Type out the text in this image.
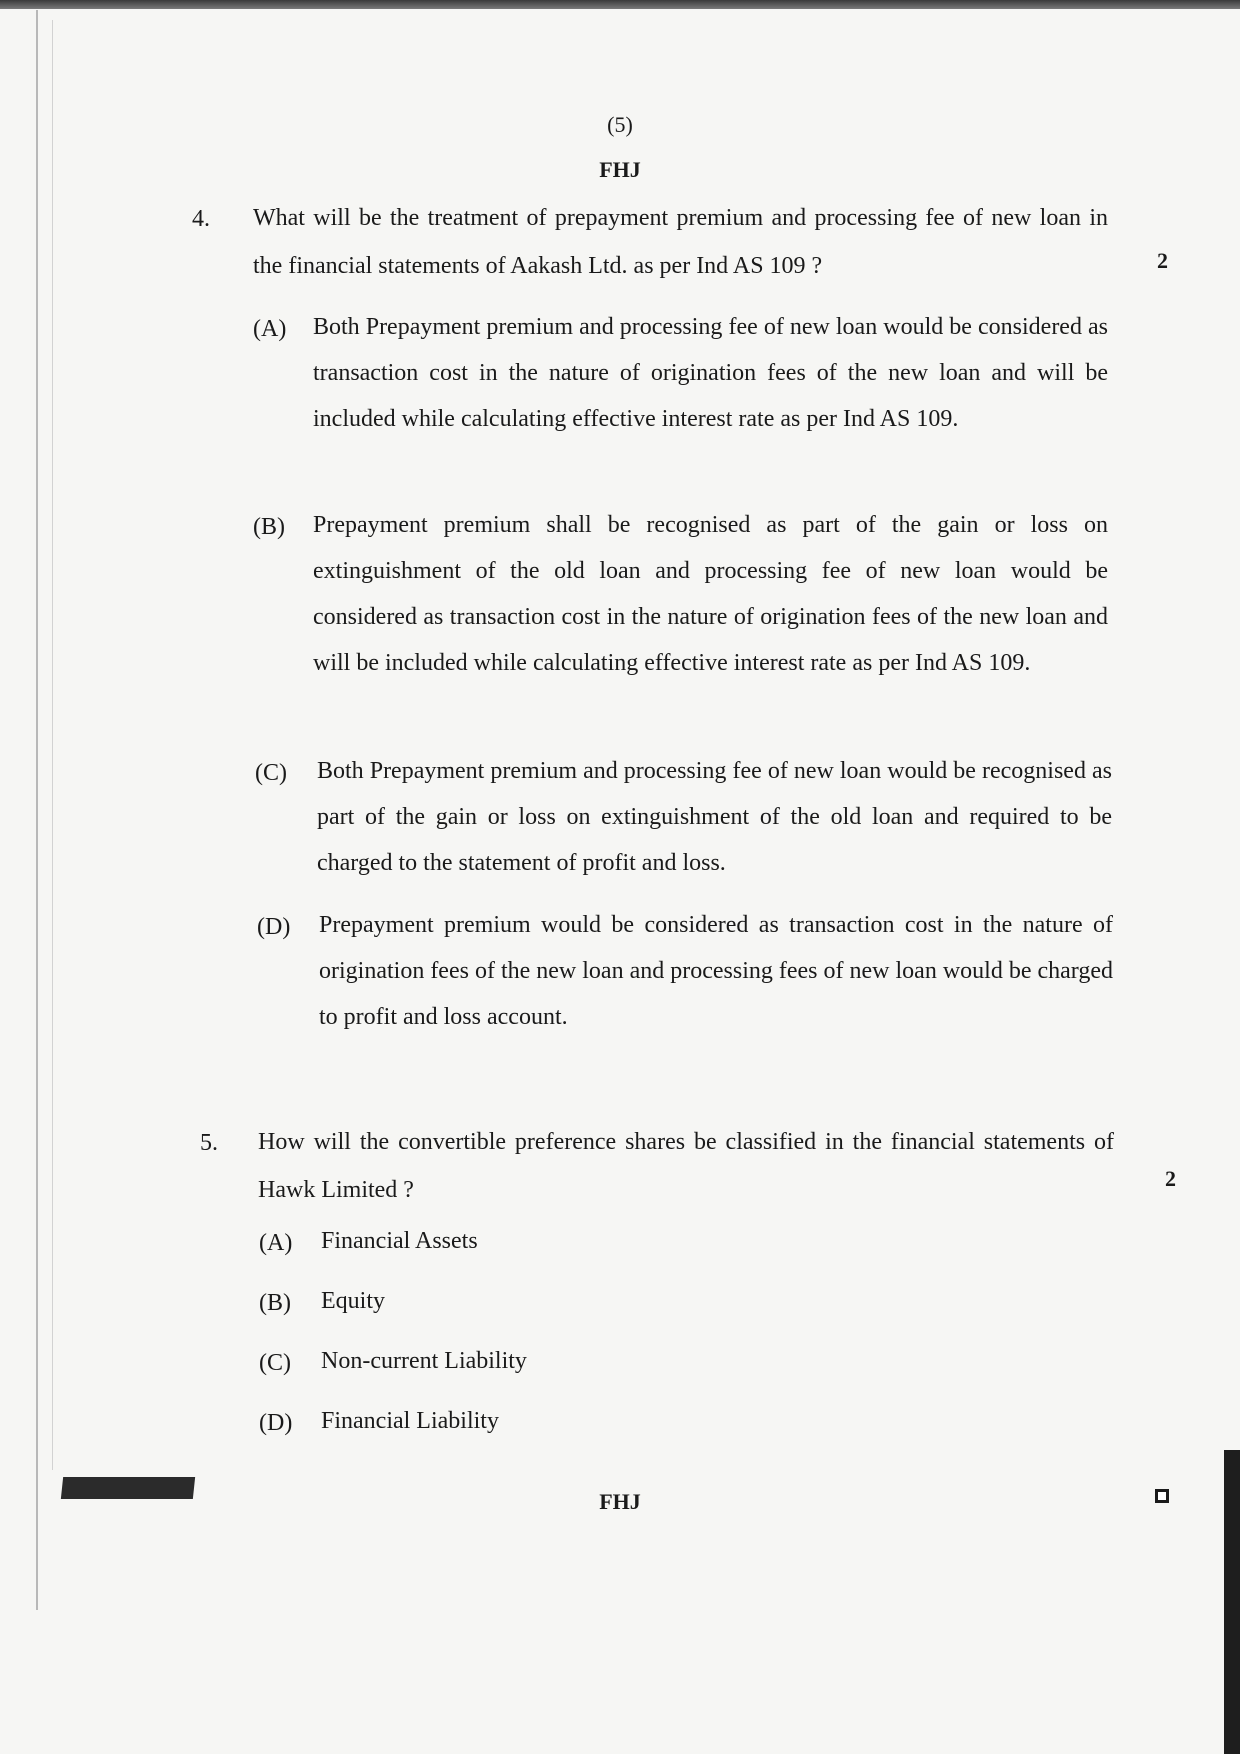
(5)
FHJ
4. What will be the treatment of prepayment premium and processing fee of new loan in the financial statements of Aakash Ltd. as per Ind AS 109 ?	2
(A) Both Prepayment premium and processing fee of new loan would be considered as transaction cost in the nature of origination fees of the new loan and will be included while calculating effective interest rate as per Ind AS 109.
(B) Prepayment premium shall be recognised as part of the gain or loss on extinguishment of the old loan and processing fee of new loan would be considered as transaction cost in the nature of origination fees of the new loan and will be included while calculating effective interest rate as per Ind AS 109.
(C) Both Prepayment premium and processing fee of new loan would be recognised as part of the gain or loss on extinguishment of the old loan and required to be charged to the statement of profit and loss.
(D) Prepayment premium would be considered as transaction cost in the nature of origination fees of the new loan and processing fees of new loan would be charged to profit and loss account.
5. How will the convertible preference shares be classified in the financial statements of Hawk Limited ?	2
(A) Financial Assets
(B) Equity
(C) Non-current Liability
(D) Financial Liability
FHJ
